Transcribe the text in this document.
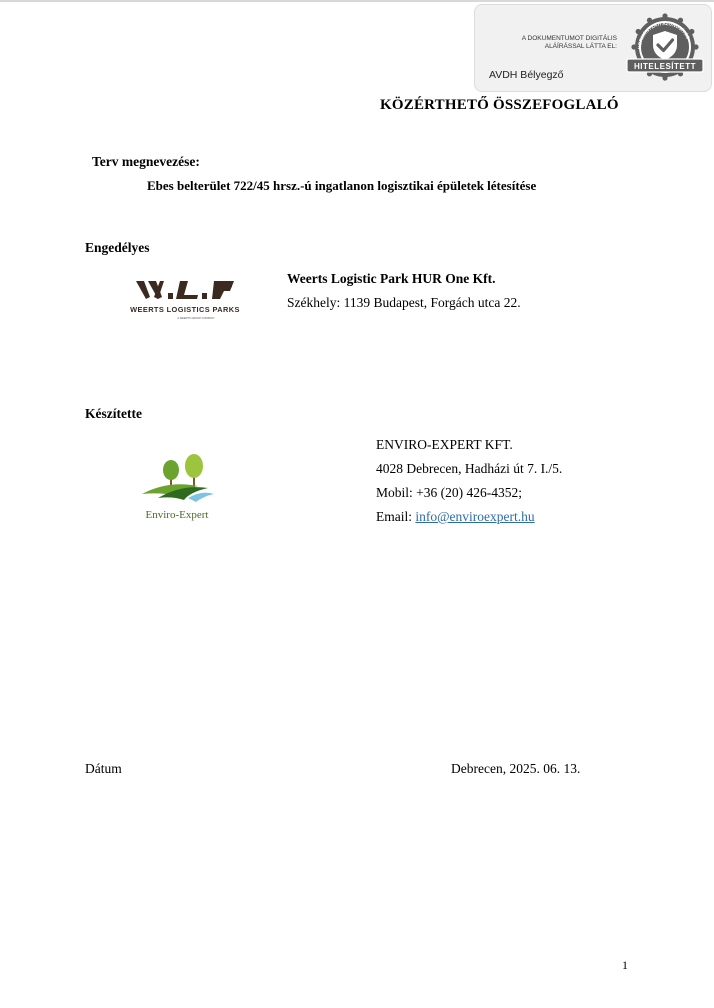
A DOKUMENTUMOT DIGITÁLIS ALÁÍRÁSSAL LÁTTA EL:
AVDH Bélyegző
KORMÁNYZATI AZONOSÍTÁS
HITELESÍTETT
KÖZÉRTHETŐ ÖSSZEFOGLALÓ
Terv megnevezése:
Ebes belterület 722/45 hrsz.-ú ingatlanon logisztikai épületek létesítése
Engedélyes
WEERTS LOGISTICS PARKS
A WEERTS GROUP COMPANY
Weerts Logistic Park HUR One Kft.
Székhely: 1139 Budapest, Forgách utca 22.
Készítette
Enviro-Expert
ENVIRO-EXPERT KFT.
4028 Debrecen, Hadházi út 7. I./5.
Mobil: +36 (20) 426-4352;
Email: info@enviroexpert.hu
Dátum	Debrecen, 2025. 06. 13.
1
